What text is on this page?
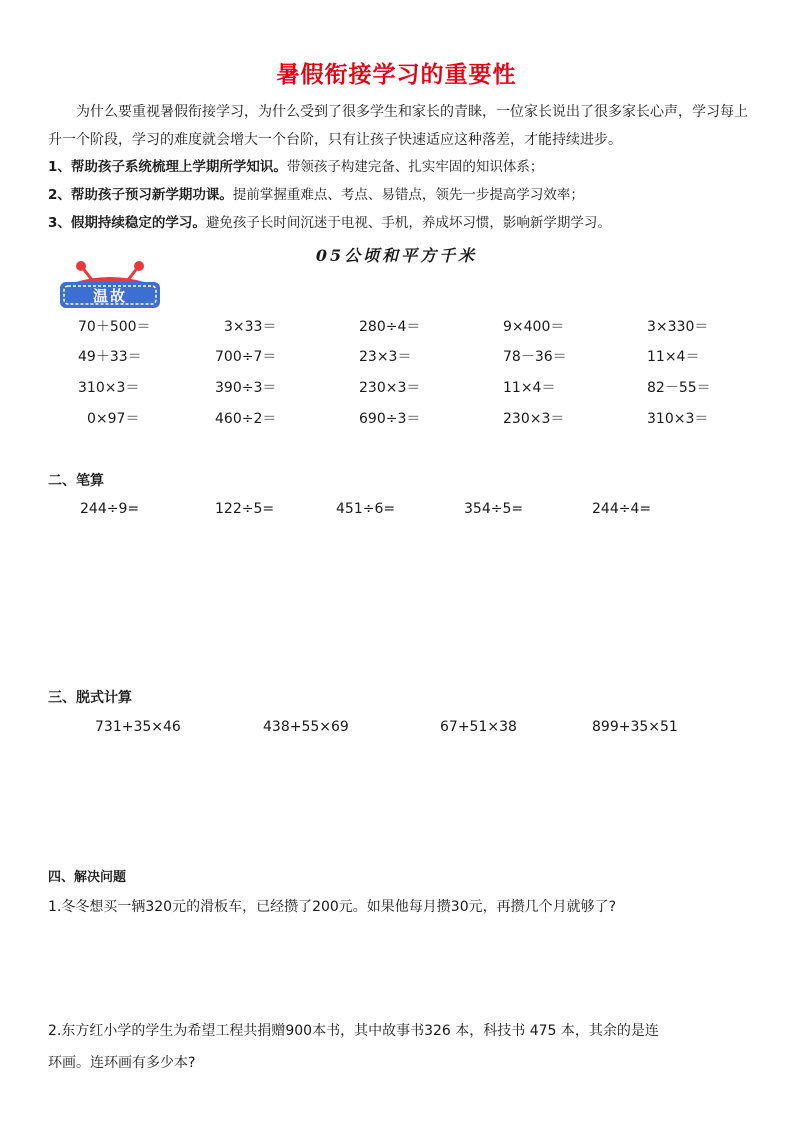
暑假衔接学习的重要性
为什么要重视暑假衔接学习，为什么受到了很多学生和家长的青睐，一位家长说出了很多家长心声，学习每上升一个阶段，学习的难度就会增大一个台阶，只有让孩子快速适应这种落差，才能持续进步。
1、帮助孩子系统梳理上学期所学知识。带领孩子构建完备、扎实牢固的知识体系；
2、帮助孩子预习新学期功课。提前掌握重难点、考点、易错点，领先一步提高学习效率；
3、假期持续稳定的学习。避免孩子长时间沉迷于电视、手机，养成坏习惯，影响新学期学习。
05公顷和平方千米
温故
70＋500＝	3×33＝	280÷4＝	9×400＝	3×330＝
49＋33＝	700÷7＝	23×3＝	78－36＝	11×4＝
310×3＝	390÷3＝	230×3＝	11×4＝	82－55＝
0×97＝	460÷2＝	690÷3＝	230×3＝	310×3＝
二、笔算
244÷9=	122÷5=	451÷6=	354÷5=	244÷4=
三、脱式计算
731+35×46	438+55×69	67+51×38	899+35×51
四、解决问题
1.冬冬想买一辆320元的滑板车，已经攒了200元。如果他每月攒30元，再攒几个月就够了?
2.东方红小学的学生为希望工程共捐赠900本书，其中故事书326 本，科技书 475 本，其余的是连
环画。连环画有多少本?
